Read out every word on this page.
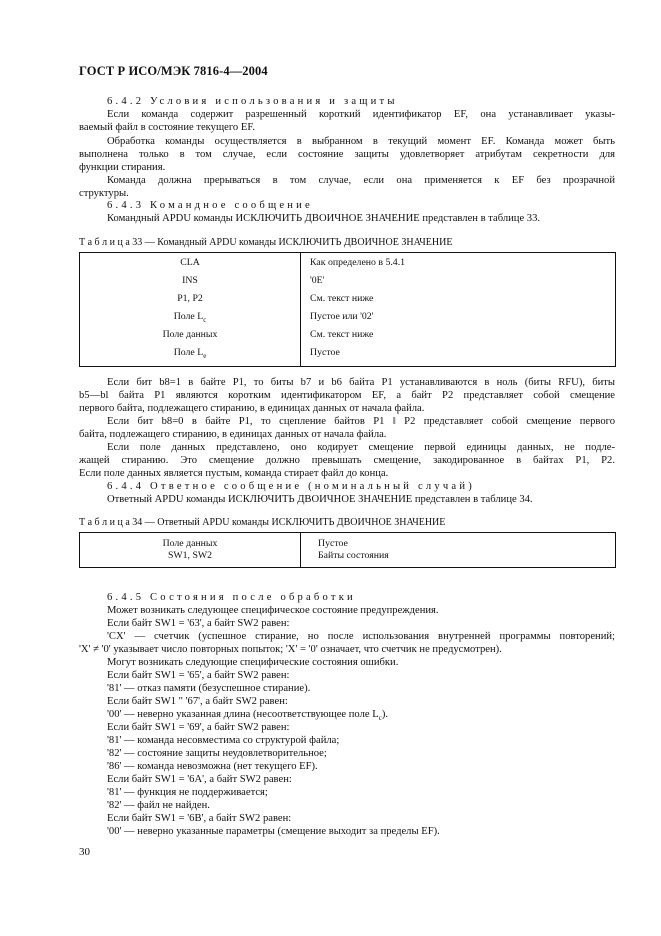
ГОСТ Р ИСО/МЭК 7816-4—2004
6.4.2 Условия использования и защиты
Если команда содержит разрешенный короткий идентификатор EF, она устанавливает указы-
ваемый файл в состояние текущего EF.
Обработка команды осуществляется в выбранном в текущий момент EF. Команда может быть
выполнена только в том случае, если состояние защиты удовлетворяет атрибутам секретности для
функции стирания.
Команда должна прерываться в том случае, если она применяется к EF без прозрачной
структуры.
6.4.3 Командное сообщение
Командный APDU команды ИСКЛЮЧИТЬ ДВОИЧНОЕ ЗНАЧЕНИЕ представлен в таблице 33.
Т а б л и ц а 33 — Командный APDU команды ИСКЛЮЧИТЬ ДВОИЧНОЕ ЗНАЧЕНИЕ
CLA	Как определено в 5.4.1
INS	'0E'
P1, P2	См. текст ниже
Поле $L_c$	Пустое или '02'
Поле данных	См. текст ниже
Поле $L_e$	Пустое
Если бит b8=1 в байте P1, то биты b7 и b6 байта P1 устанавливаются в ноль (биты RFU), биты
b5—bl байта P1 являются коротким идентификатором EF, а байт P2 представляет собой смещение
первого байта, подлежащего стиранию, в единицах данных от начала файла.
Если бит b8=0 в байте P1, то сцепление байтов P1 ‖ P2 представляет собой смещение первого
байта, подлежащего стиранию, в единицах данных от начала файла.
Если поле данных представлено, оно кодирует смещение первой единицы данных, не подле-
жащей стиранию. Это смещение должно превышать смещение, закодированное в байтах P1, P2.
Если поле данных является пустым, команда стирает файл до конца.
6.4.4 Ответное сообщение (номинальный случай)
Ответный APDU команды ИСКЛЮЧИТЬ ДВОИЧНОЕ ЗНАЧЕНИЕ представлен в таблице 34.
Т а б л и ц а 34 — Ответный APDU команды ИСКЛЮЧИТЬ ДВОИЧНОЕ ЗНАЧЕНИЕ
Поле данных	Пустое
SW1, SW2	Байты состояния
6.4.5 Состояния после обработки
Может возникать следующее специфическое состояние предупреждения.
Если байт SW1 = '63', а байт SW2 равен:
'CX' — счетчик (успешное стирание, но после использования внутренней программы повторений;
'X' ≠ '0' указывает число повторных попыток; 'X' = '0' означает, что счетчик не предусмотрен).
Могут возникать следующие специфические состояния ошибки.
Если байт SW1 = '65', а байт SW2 равен:
'81' — отказ памяти (безуспешное стирание).
Если байт SW1 " '67', а байт SW2 равен:
'00' — неверно указанная длина (несоответствующее поле $L_c$).
Если байт SW1 = '69', а байт SW2 равен:
'81' — команда несовместима со структурой файла;
'82' — состояние защиты неудовлетворительное;
'86' — команда невозможна (нет текущего EF).
Если байт SW1 = '6A', а байт SW2 равен:
'81' — функция не поддерживается;
'82' — файл не найден.
Если байт SW1 = '6B', а байт SW2 равен:
'00' — неверно указанные параметры (смещение выходит за пределы EF).
30
